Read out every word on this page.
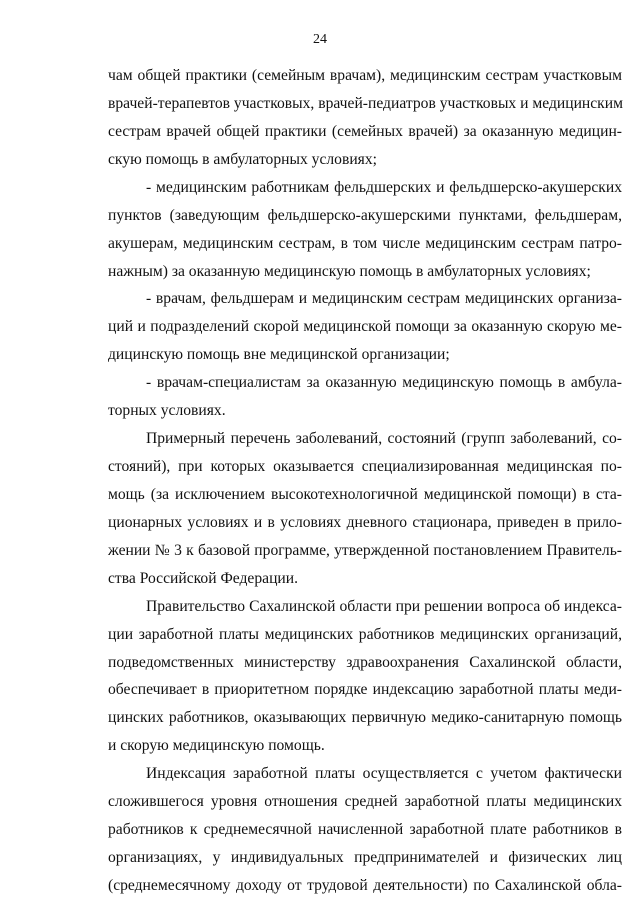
24
чам общей практики (семейным врачам), медицинским сестрам участковым
врачей-терапевтов участковых, врачей-педиатров участковых и медицинским
сестрам врачей общей практики (семейных врачей) за оказанную медицин-
скую помощь в амбулаторных условиях;
- медицинским работникам фельдшерских и фельдшерско-акушерских
пунктов (заведующим фельдшерско-акушерскими пунктами, фельдшерам,
акушерам, медицинским сестрам, в том числе медицинским сестрам патро-
нажным) за оказанную медицинскую помощь в амбулаторных условиях;
- врачам, фельдшерам и медицинским сестрам медицинских организа-
ций и подразделений скорой медицинской помощи за оказанную скорую ме-
дицинскую помощь вне медицинской организации;
- врачам-специалистам за оказанную медицинскую помощь в амбула-
торных условиях.
Примерный перечень заболеваний, состояний (групп заболеваний, со-
стояний), при которых оказывается специализированная медицинская по-
мощь (за исключением высокотехнологичной медицинской помощи) в ста-
ционарных условиях и в условиях дневного стационара, приведен в прило-
жении № 3 к базовой программе, утвержденной постановлением Правитель-
ства Российской Федерации.
Правительство Сахалинской области при решении вопроса об индекса-
ции заработной платы медицинских работников медицинских организаций,
подведомственных министерству здравоохранения Сахалинской области,
обеспечивает в приоритетном порядке индексацию заработной платы меди-
цинских работников, оказывающих первичную медико-санитарную помощь
и скорую медицинскую помощь.
Индексация заработной платы осуществляется с учетом фактически
сложившегося уровня отношения средней заработной платы медицинских
работников к среднемесячной начисленной заработной плате работников в
организациях, у индивидуальных предпринимателей и физических лиц
(среднемесячному доходу от трудовой деятельности) по Сахалинской обла-
